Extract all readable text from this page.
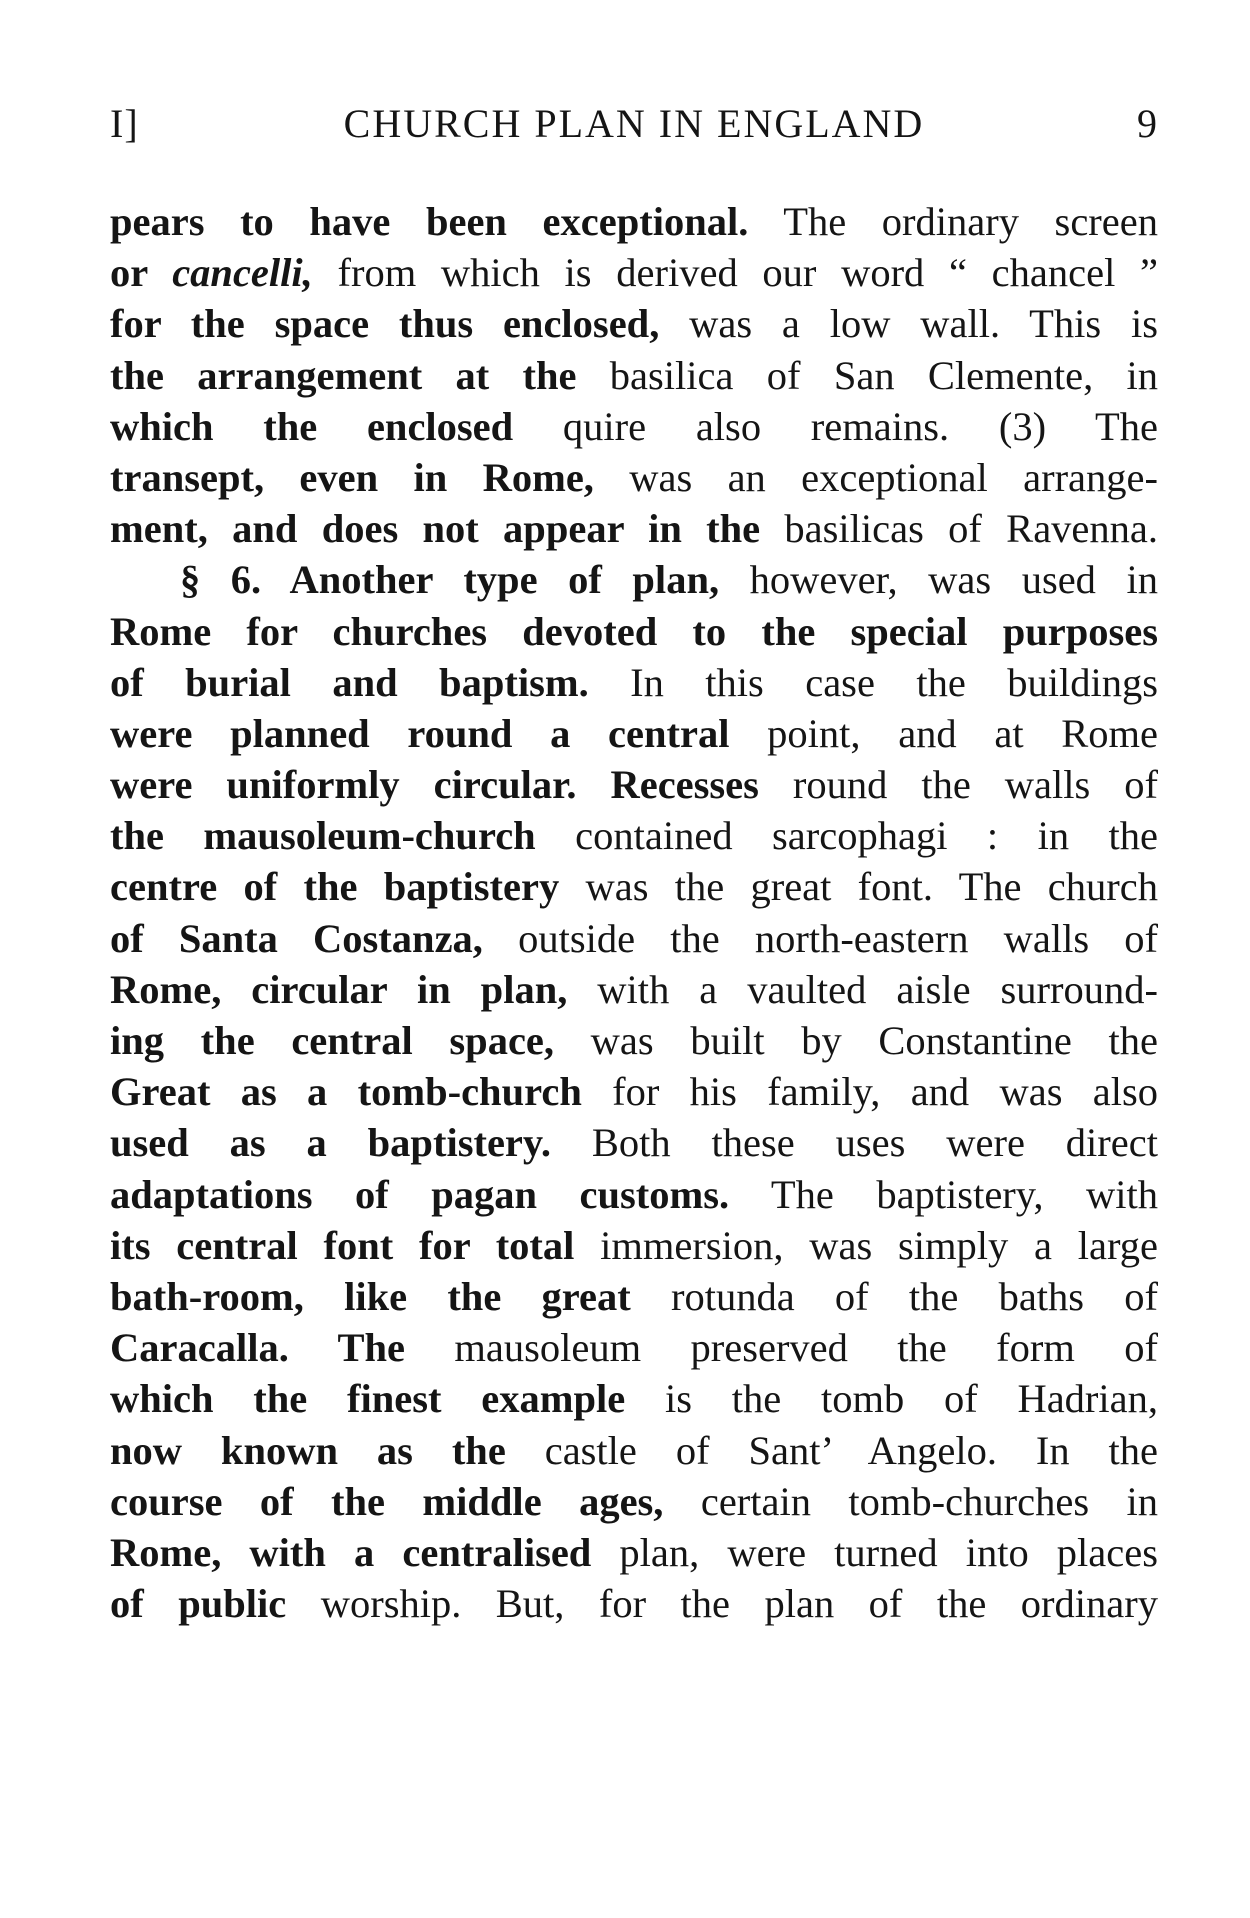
I]	CHURCH PLAN IN ENGLAND	9
pears to have been exceptional. The ordinary screen
or cancelli, from which is derived our word “ chancel ”
for the space thus enclosed, was a low wall. This is
the arrangement at the basilica of San Clemente, in
which the enclosed quire also remains. (3) The
transept, even in Rome, was an exceptional arrange-
ment, and does not appear in the basilicas of Ravenna.
§ 6. Another type of plan, however, was used in
Rome for churches devoted to the special purposes
of burial and baptism. In this case the buildings
were planned round a central point, and at Rome
were uniformly circular. Recesses round the walls of
the mausoleum-church contained sarcophagi : in the
centre of the baptistery was the great font. The church
of Santa Costanza, outside the north-eastern walls of
Rome, circular in plan, with a vaulted aisle surround-
ing the central space, was built by Constantine the
Great as a tomb-church for his family, and was also
used as a baptistery. Both these uses were direct
adaptations of pagan customs. The baptistery, with
its central font for total immersion, was simply a large
bath-room, like the great rotunda of the baths of
Caracalla. The mausoleum preserved the form of
which the finest example is the tomb of Hadrian,
now known as the castle of Sant’ Angelo. In the
course of the middle ages, certain tomb-churches in
Rome, with a centralised plan, were turned into places
of public worship. But, for the plan of the ordinary
